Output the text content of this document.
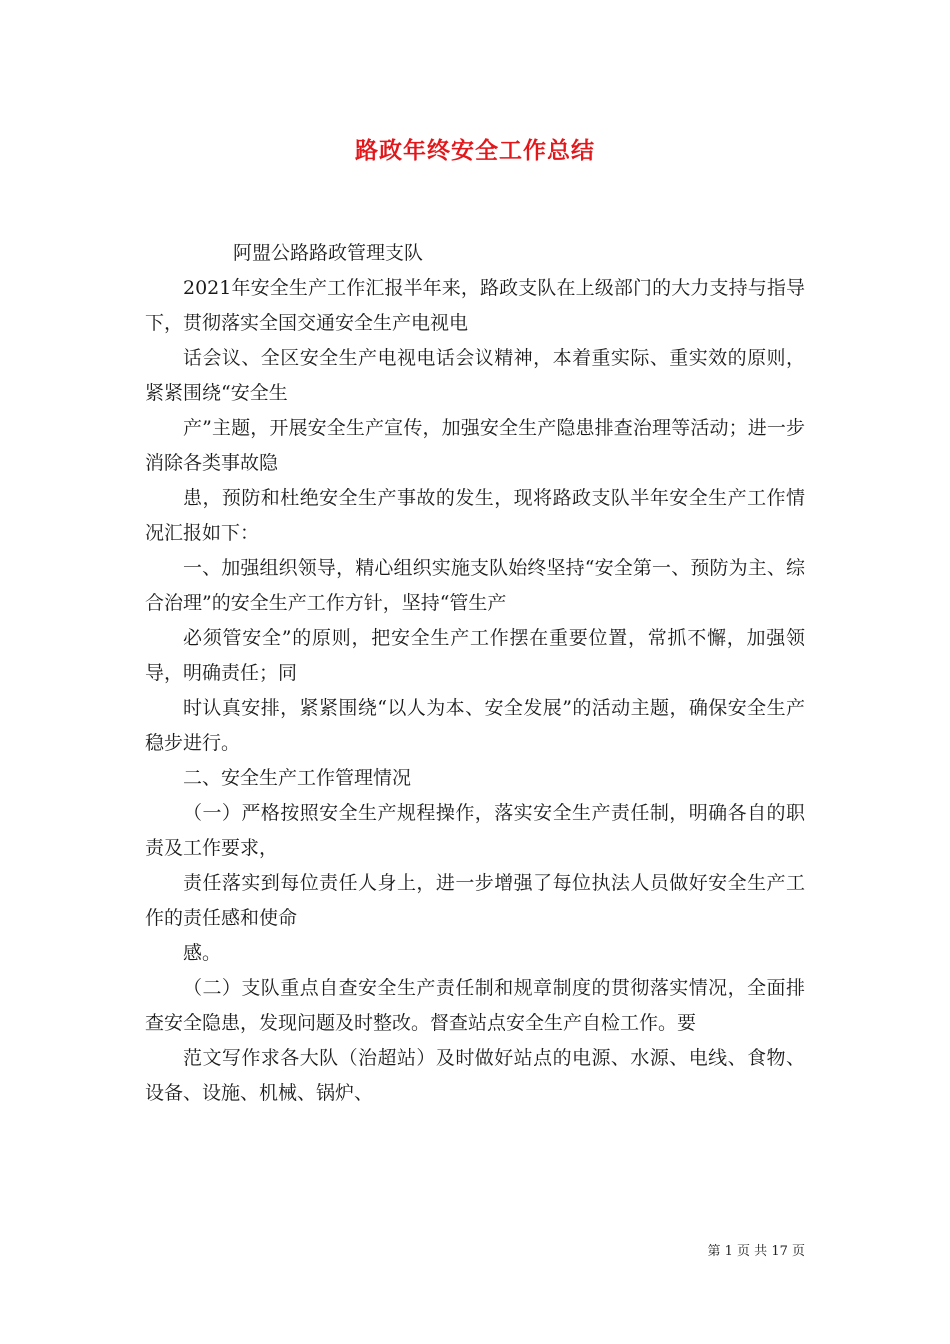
路政年终安全工作总结

阿盟公路路政管理支队

2021年安全生产工作汇报半年来，路政支队在上级部门的大力支持与指导下，贯彻落实全国交通安全生产电视电

话会议、全区安全生产电视电话会议精神，本着重实际、重实效的原则，紧紧围绕“安全生

产”主题，开展安全生产宣传，加强安全生产隐患排查治理等活动；进一步消除各类事故隐

患，预防和杜绝安全生产事故的发生，现将路政支队半年安全生产工作情况汇报如下：

一、加强组织领导，精心组织实施支队始终坚持“安全第一、预防为主、综合治理”的安全生产工作方针，坚持“管生产

必须管安全”的原则，把安全生产工作摆在重要位置，常抓不懈，加强领导，明确责任；同

时认真安排，紧紧围绕“以人为本、安全发展”的活动主题，确保安全生产稳步进行。

二、安全生产工作管理情况

（一）严格按照安全生产规程操作，落实安全生产责任制，明确各自的职责及工作要求，

责任落实到每位责任人身上，进一步增强了每位执法人员做好安全生产工作的责任感和使命

感。

（二）支队重点自查安全生产责任制和规章制度的贯彻落实情况，全面排查安全隐患，发现问题及时整改。督查站点安全生产自检工作。要

范文写作求各大队（治超站）及时做好站点的电源、水源、电线、食物、设备、设施、机械、锅炉、

第 1 页 共 17 页
